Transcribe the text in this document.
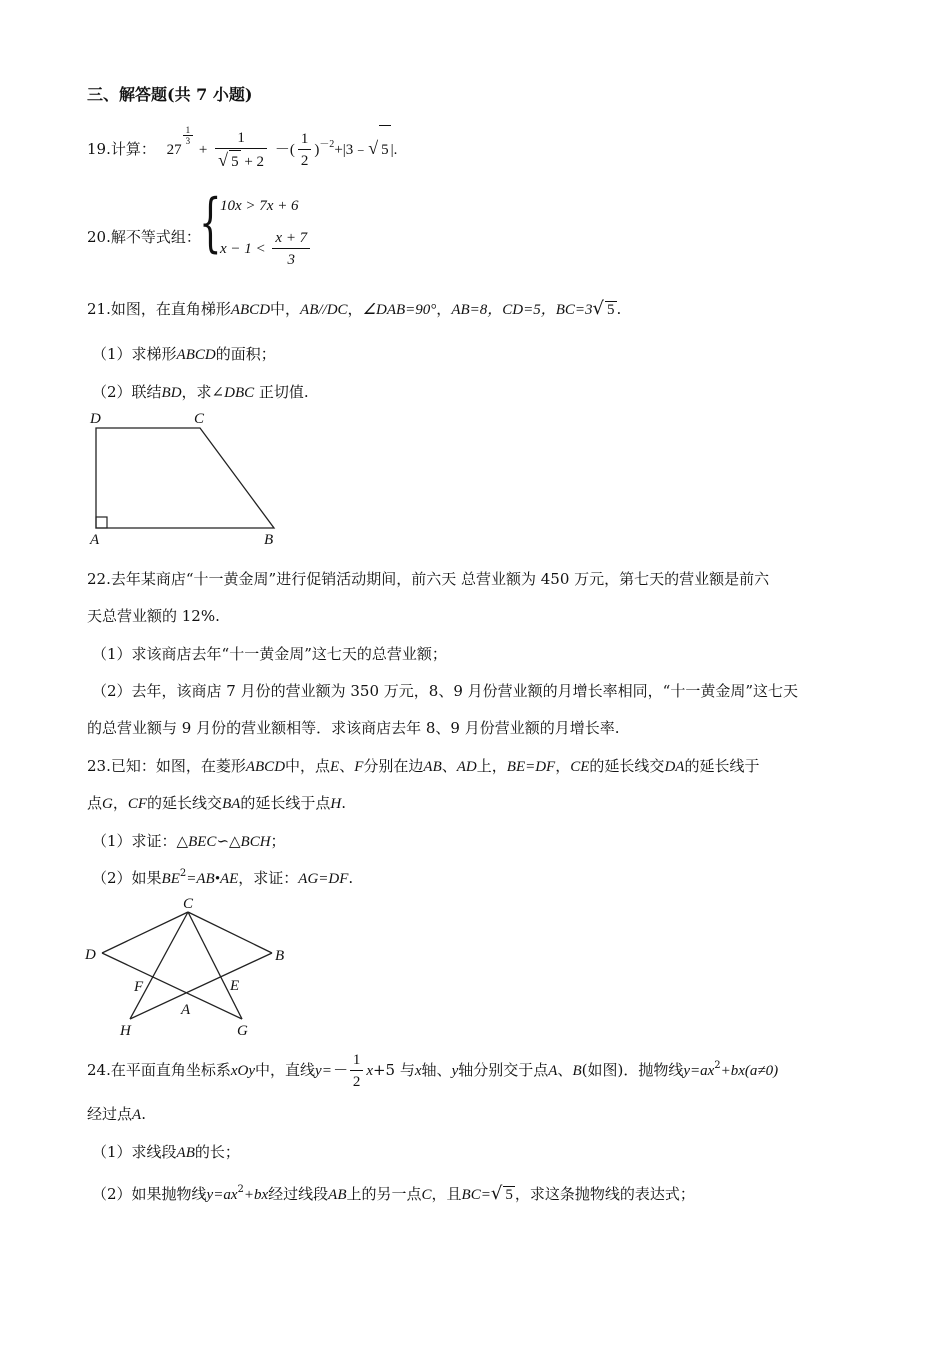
三、解答题(共 7 小题)
19.计算： 27
$\frac{1}{3}$
+ $\frac{1}{√ 5 + 2}$ －( $\frac{1}{2}$ )$^{-2}$+|3﹣√ 5 |.
20.解不等式组：
{
10x > 7x + 6
$x - 1 < \frac{x + 7}{3}$
21.如图，在直角梯形ABCD中，AB//DC，∠DAB=90°，AB=8，CD=5，BC=3√ 5 .
（1）求梯形ABCD的面积；
（2）联结BD，求∠DBC 正切值.
D	C
A	B
22.去年某商店“十一黄金周”进行促销活动期间，前六天 总营业额为 450 万元，第七天的营业额是前六
天总营业额的 12%.
（1）求该商店去年“十一黄金周”这七天的总营业额；
（2）去年，该商店 7 月份的营业额为 350 万元，8、9 月份营业额的月增长率相同，“十一黄金周”这七天
的总营业额与 9 月份的营业额相等．求该商店去年 8、9 月份营业额的月增长率.
23.已知：如图，在菱形ABCD中，点E、F分别在边AB、AD上，BE=DF，CE的延长线交DA的延长线于
点G，CF的延长线交BA的延长线于点H.
（1）求证：△BEC∽△BCH；
（2）如果$BE^2=AB•AE$，求证：AG=DF.
C
D	B
F	E
A
H	G
24.在平面直角坐标系xOy中，直线$y=- \frac{1}{2} x+5$ 与x轴、y轴分别交于点A、B(如图)．抛物线$y=ax^2+bx(a\ne 0)$
经过点A.
（1）求线段AB的长；
（2）如果抛物线$y=ax^2+bx$经过线段AB上的另一点C，且BC=√ 5 ，求这条抛物线的表达式；
